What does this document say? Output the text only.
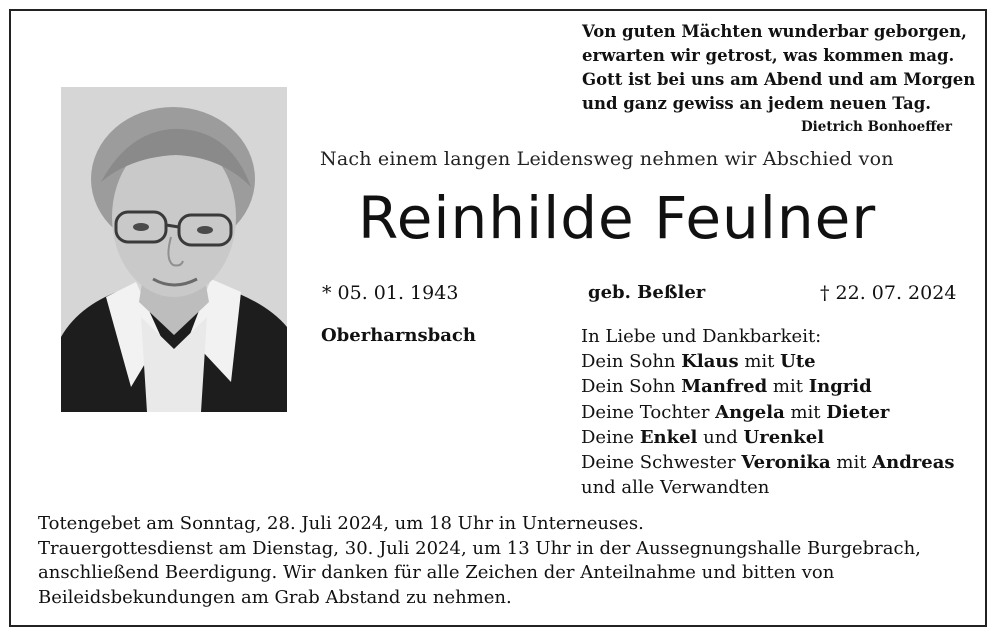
Von guten Mächten wunderbar geborgen,
erwarten wir getrost, was kommen mag.
Gott ist bei uns am Abend und am Morgen
und ganz gewiss an jedem neuen Tag.
Dietrich Bonhoeffer
Nach einem langen Leidensweg nehmen wir Abschied von
Reinhilde Feulner
* 05. 01. 1943	geb. Beßler	† 22. 07. 2024
Oberharnsbach	In Liebe und Dankbarkeit:
Dein Sohn Klaus mit Ute
Dein Sohn Manfred mit Ingrid
Deine Tochter Angela mit Dieter
Deine Enkel und Urenkel
Deine Schwester Veronika mit Andreas
und alle Verwandten
Totengebet am Sonntag, 28. Juli 2024, um 18 Uhr in Unterneuses.
Trauergottesdienst am Dienstag, 30. Juli 2024, um 13 Uhr in der Aussegnungshalle Burgebrach,
anschließend Beerdigung. Wir danken für alle Zeichen der Anteilnahme und bitten von
Beileidsbekundungen am Grab Abstand zu nehmen.
